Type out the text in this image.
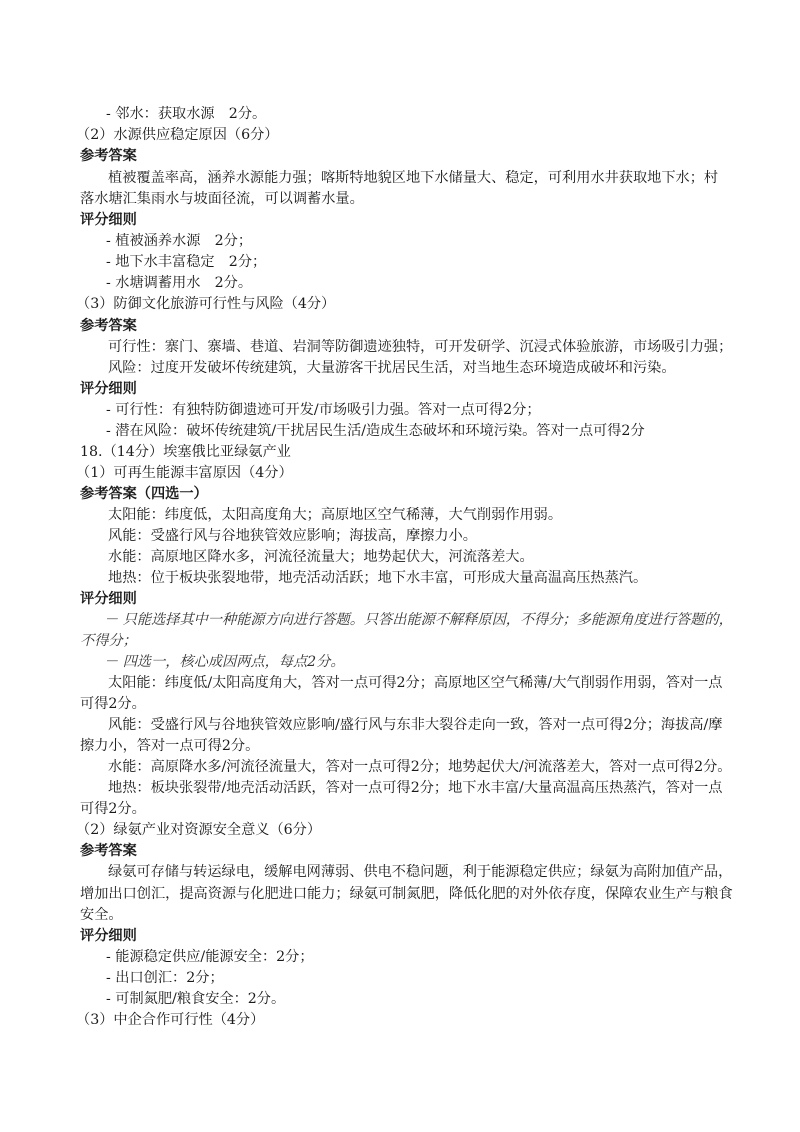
- 邻水：获取水源　2分。
（2）水源供应稳定原因（6分）
参考答案
植被覆盖率高，涵养水源能力强；喀斯特地貌区地下水储量大、稳定，可利用水井获取地下水；村
落水塘汇集雨水与坡面径流，可以调蓄水量。
评分细则
- 植被涵养水源　2分；
- 地下水丰富稳定　2分；
- 水塘调蓄用水　2分。
（3）防御文化旅游可行性与风险（4分）
参考答案
可行性：寨门、寨墙、巷道、岩洞等防御遗迹独特，可开发研学、沉浸式体验旅游，市场吸引力强；
风险：过度开发破坏传统建筑，大量游客干扰居民生活，对当地生态环境造成破坏和污染。
评分细则
- 可行性：有独特防御遗迹可开发/市场吸引力强。答对一点可得2分；
- 潜在风险：破坏传统建筑/干扰居民生活/造成生态破坏和环境污染。答对一点可得2分
18.（14分）埃塞俄比亚绿氨产业
（1）可再生能源丰富原因（4分）
参考答案（四选一）
太阳能：纬度低，太阳高度角大；高原地区空气稀薄，大气削弱作用弱。
风能：受盛行风与谷地狭管效应影响；海拔高，摩擦力小。
水能：高原地区降水多，河流径流量大；地势起伏大，河流落差大。
地热：位于板块张裂地带，地壳活动活跃；地下水丰富，可形成大量高温高压热蒸汽。
评分细则
－ 只能选择其中一种能源方向进行答题。只答出能源不解释原因，不得分；多能源角度进行答题的，
不得分；
－ 四选一，核心成因两点，每点2分。
太阳能：纬度低/太阳高度角大，答对一点可得2分；高原地区空气稀薄/大气削弱作用弱，答对一点
可得2分。
风能：受盛行风与谷地狭管效应影响/盛行风与东非大裂谷走向一致，答对一点可得2分；海拔高/摩
擦力小，答对一点可得2分。
水能：高原降水多/河流径流量大，答对一点可得2分；地势起伏大/河流落差大，答对一点可得2分。
地热：板块张裂带/地壳活动活跃，答对一点可得2分；地下水丰富/大量高温高压热蒸汽，答对一点
可得2分。
（2）绿氨产业对资源安全意义（6分）
参考答案
绿氨可存储与转运绿电，缓解电网薄弱、供电不稳问题，利于能源稳定供应；绿氨为高附加值产品，
增加出口创汇，提高资源与化肥进口能力；绿氨可制氮肥，降低化肥的对外依存度，保障农业生产与粮食
安全。
评分细则
- 能源稳定供应/能源安全：2分；
- 出口创汇：2分；
- 可制氮肥/粮食安全：2分。
（3）中企合作可行性（4分）
